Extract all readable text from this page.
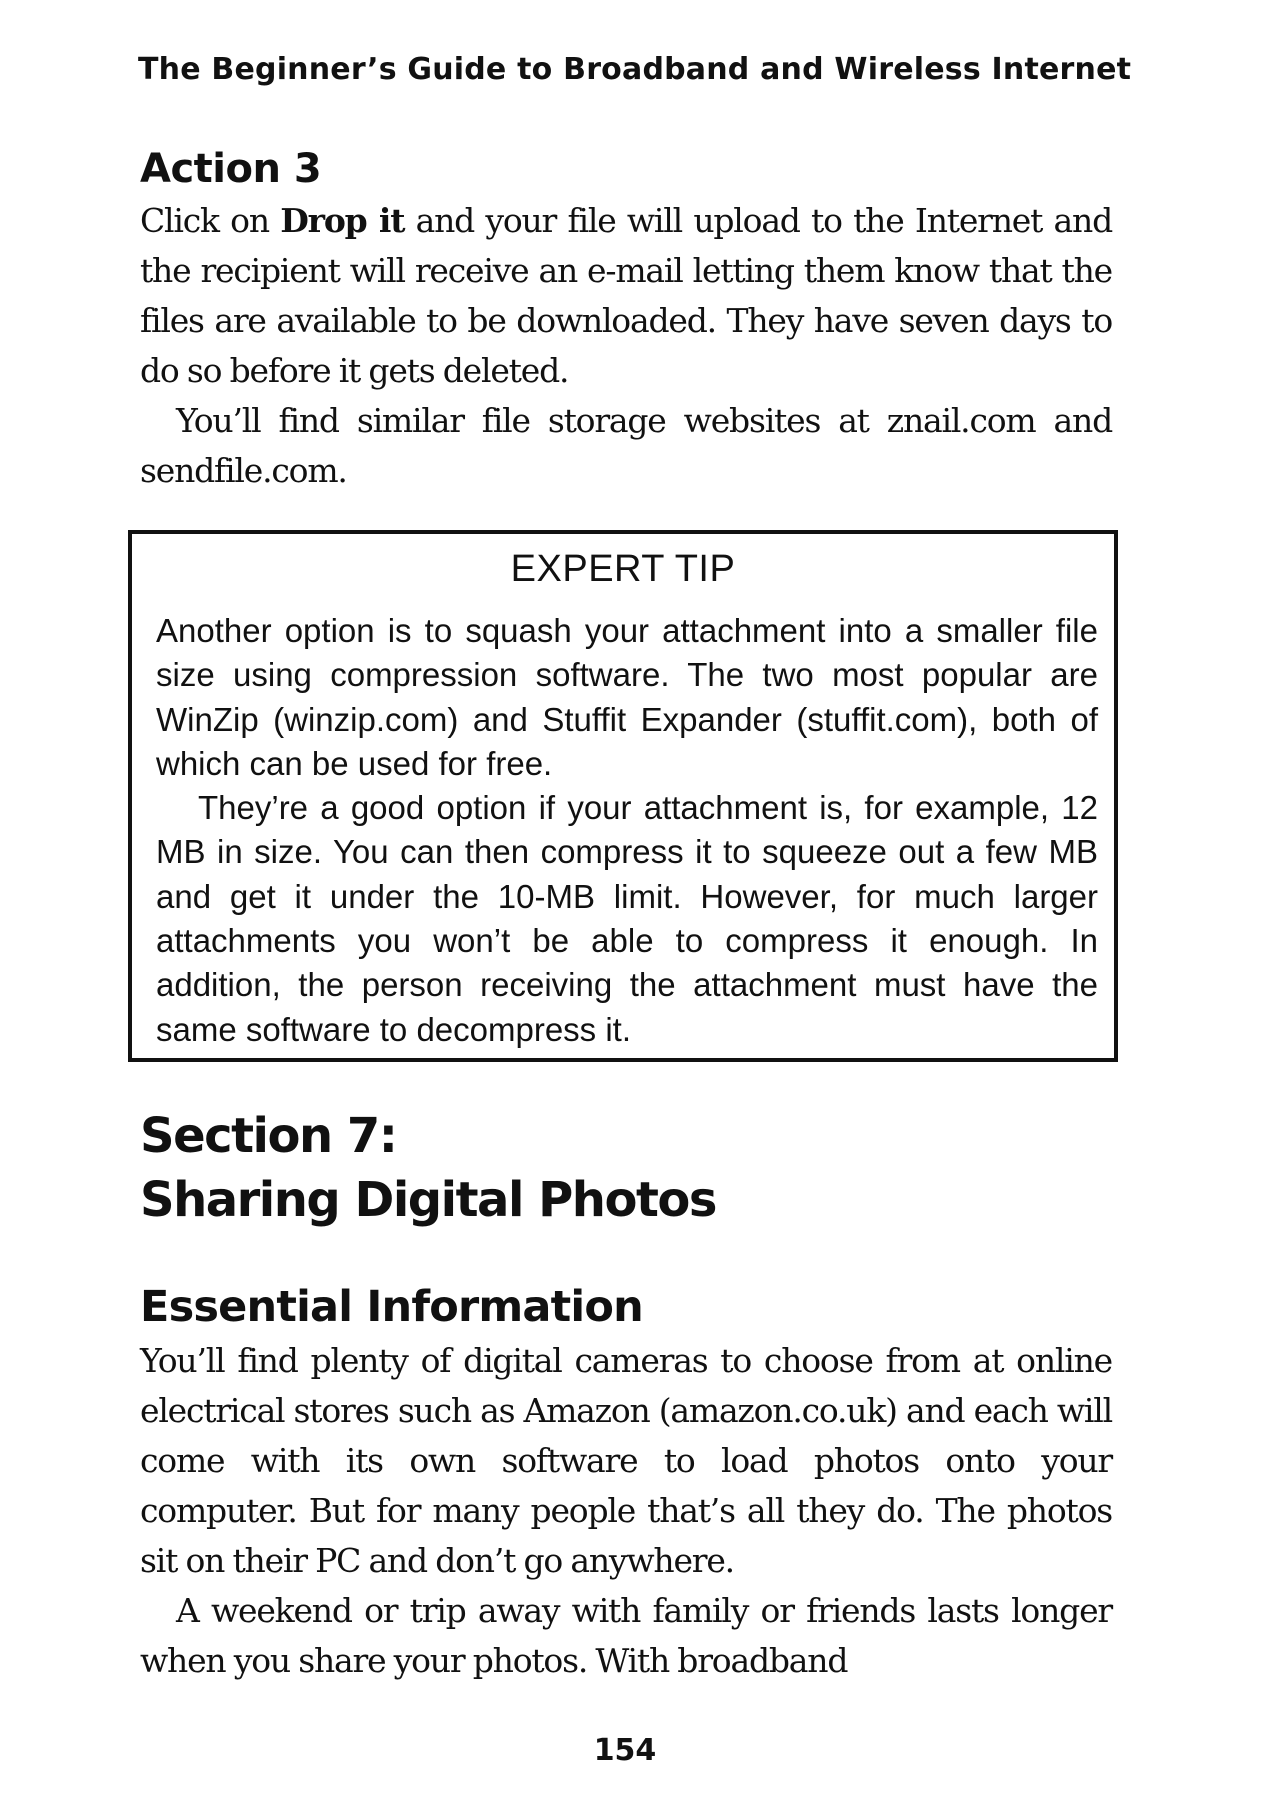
The Beginner’s Guide to Broadband and Wireless Internet
Action 3

Click on Drop it and your file will upload to the Internet and the recipient will receive an e-mail letting them know that the files are available to be downloaded. They have seven days to do so before it gets deleted.

You’ll find similar file storage websites at znail.com and sendfile.com.

EXPERT TIP

Another option is to squash your attachment into a smaller file size using compression software. The two most popular are WinZip (winzip.com) and Stuffit Expander (stuffit.com), both of which can be used for free.

They’re a good option if your attachment is, for example, 12 MB in size. You can then compress it to squeeze out a few MB and get it under the 10-MB limit. However, for much larger attachments you won’t be able to compress it enough. In addition, the person receiving the attachment must have the same software to decompress it.

Section 7:
Sharing Digital Photos
Essential Information

You’ll find plenty of digital cameras to choose from at online electrical stores such as Amazon (amazon.co.uk) and each will come with its own software to load photos onto your computer. But for many people that’s all they do. The photos sit on their PC and don’t go anywhere.

A weekend or trip away with family or friends lasts longer when you share your photos. With broadband

154
